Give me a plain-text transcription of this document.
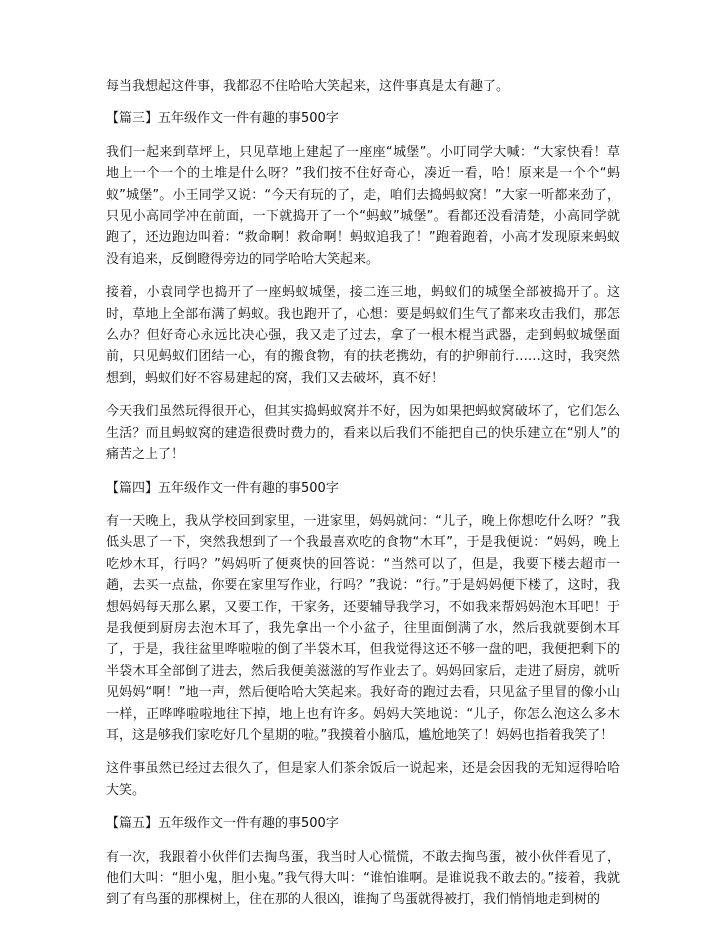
每当我想起这件事，我都忍不住哈哈大笑起来，这件事真是太有趣了。

【篇三】五年级作文一件有趣的事500字

我们一起来到草坪上，只见草地上建起了一座座“城堡”。小叮同学大喊：“大家快看！草地上一个一个的土堆是什么呀？”我们按不住好奇心，凑近一看，哈！原来是一个个“蚂蚁”城堡”。小王同学又说：“今天有玩的了，走，咱们去捣蚂蚁窝！”大家一听都来劲了，只见小高同学冲在前面，一下就捣开了一个“蚂蚁”城堡”。看都还没看清楚，小高同学就跑了，还边跑边叫着：“救命啊！救命啊！蚂蚁追我了！”跑着跑着，小高才发现原来蚂蚁没有追来，反倒瞪得旁边的同学哈哈大笑起来。

接着，小袁同学也捣开了一座蚂蚁城堡，接二连三地，蚂蚁们的城堡全部被捣开了。这时，草地上全部布满了蚂蚁。我也跑开了，心想：要是蚂蚁们生气了都来攻击我们，那怎么办？但好奇心永远比决心强，我又走了过去，拿了一根木棍当武器，走到蚂蚁城堡面前，只见蚂蚁们团结一心，有的搬食物，有的扶老携幼，有的护卵前行……这时，我突然想到，蚂蚁们好不容易建起的窝，我们又去破坏，真不好！

今天我们虽然玩得很开心，但其实捣蚂蚁窝并不好，因为如果把蚂蚁窝破坏了，它们怎么生活？而且蚂蚁窝的建造很费时费力的，看来以后我们不能把自己的快乐建立在“别人”的痛苦之上了！

【篇四】五年级作文一件有趣的事500字

有一天晚上，我从学校回到家里，一进家里，妈妈就问：“儿子，晚上你想吃什么呀？”我低头思了一下，突然我想到了一个我最喜欢吃的食物“木耳”，于是我便说：“妈妈，晚上吃炒木耳，行吗？”妈妈听了便爽快的回答说：“当然可以了，但是，我要下楼去超市一趟，去买一点盐，你要在家里写作业，行吗？”我说：“行。”于是妈妈便下楼了，这时，我想妈妈每天那么累，又要工作，干家务，还要辅导我学习，不如我来帮妈妈泡木耳吧！于是我便到厨房去泡木耳了，我先拿出一个小盆子，往里面倒满了水，然后我就要倒木耳了，于是，我往盆里哗啦啦的倒了半袋木耳，但我觉得这还不够一盘的吧，我便把剩下的半袋木耳全部倒了进去，然后我便美滋滋的写作业去了。妈妈回家后，走进了厨房，就听见妈妈“啊！”地一声，然后便哈哈大笑起来。我好奇的跑过去看，只见盆子里冒的像小山一样，正哗哗啦啦地往下掉，地上也有许多。妈妈大笑地说：“儿子，你怎么泡这么多木耳，这是够我们家吃好几个星期的啦。”我摸着小脑瓜，尴尬地笑了！妈妈也指着我笑了！

这件事虽然已经过去很久了，但是家人们茶余饭后一说起来，还是会因我的无知逗得哈哈大笑。

【篇五】五年级作文一件有趣的事500字

有一次，我跟着小伙伴们去掏鸟蛋，我当时人心慌慌，不敢去掏鸟蛋，被小伙伴看见了，他们大叫：“胆小鬼，胆小鬼。”我气得大叫：“谁怕谁啊。是谁说我不敢去的。”接着，我就到了有鸟蛋的那棵树上，住在那的人很凶，谁掏了鸟蛋就得被打，我们悄悄地走到树的
